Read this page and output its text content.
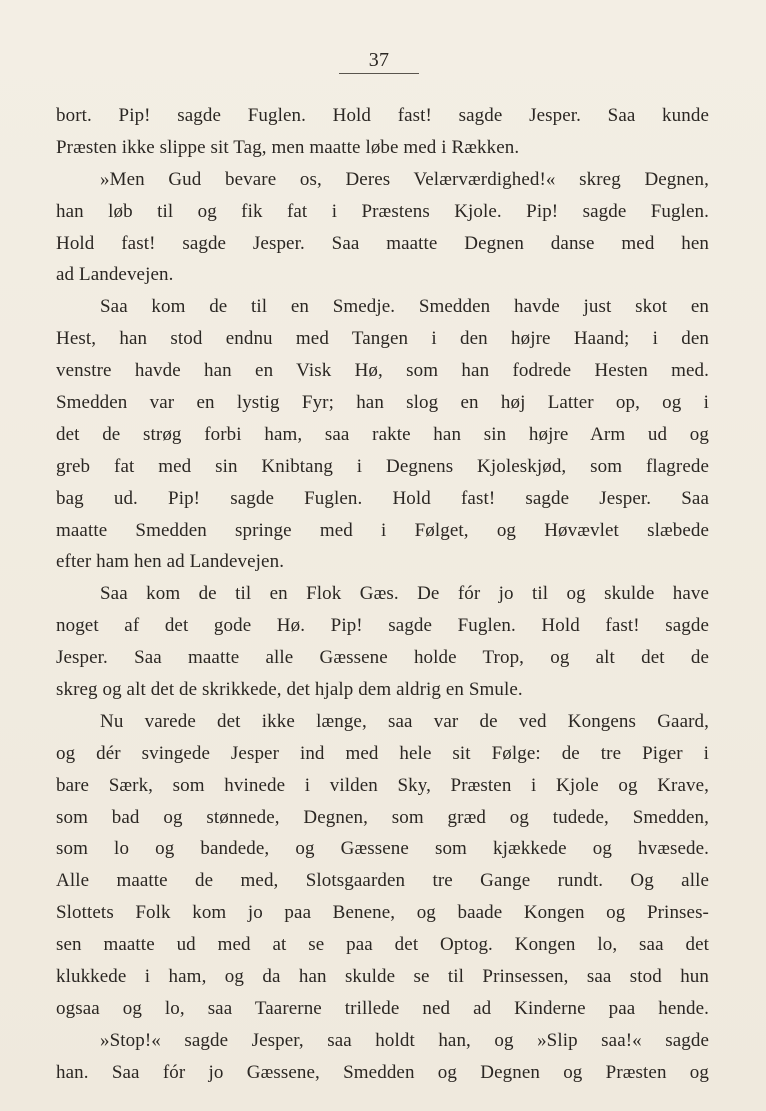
37
bort. Pip! sagde Fuglen. Hold fast! sagde Jesper. Saa kunde
Præsten ikke slippe sit Tag, men maatte løbe med i Rækken.
»Men Gud bevare os, Deres Velærværdighed!« skreg Degnen,
han løb til og fik fat i Præstens Kjole. Pip! sagde Fuglen.
Hold fast! sagde Jesper. Saa maatte Degnen danse med hen
ad Landevejen.
Saa kom de til en Smedje. Smedden havde just skot en
Hest, han stod endnu med Tangen i den højre Haand; i den
venstre havde han en Visk Hø, som han fodrede Hesten med.
Smedden var en lystig Fyr; han slog en høj Latter op, og i
det de strøg forbi ham, saa rakte han sin højre Arm ud og
greb fat med sin Knibtang i Degnens Kjoleskjød, som flagrede
bag ud. Pip! sagde Fuglen. Hold fast! sagde Jesper. Saa
maatte Smedden springe med i Følget, og Høvævlet slæbede
efter ham hen ad Landevejen.
Saa kom de til en Flok Gæs. De fór jo til og skulde have
noget af det gode Hø. Pip! sagde Fuglen. Hold fast! sagde
Jesper. Saa maatte alle Gæssene holde Trop, og alt det de
skreg og alt det de skrikkede, det hjalp dem aldrig en Smule.
Nu varede det ikke længe, saa var de ved Kongens Gaard,
og dér svingede Jesper ind med hele sit Følge: de tre Piger i
bare Særk, som hvinede i vilden Sky, Præsten i Kjole og Krave,
som bad og stønnede, Degnen, som græd og tudede, Smedden,
som lo og bandede, og Gæssene som kjækkede og hvæsede.
Alle maatte de med, Slotsgaarden tre Gange rundt. Og alle
Slottets Folk kom jo paa Benene, og baade Kongen og Prinses-
sen maatte ud med at se paa det Optog. Kongen lo, saa det
klukkede i ham, og da han skulde se til Prinsessen, saa stod hun
ogsaa og lo, saa Taarerne trillede ned ad Kinderne paa hende.
»Stop!« sagde Jesper, saa holdt han, og »Slip saa!« sagde
han. Saa fór jo Gæssene, Smedden og Degnen og Præsten og
